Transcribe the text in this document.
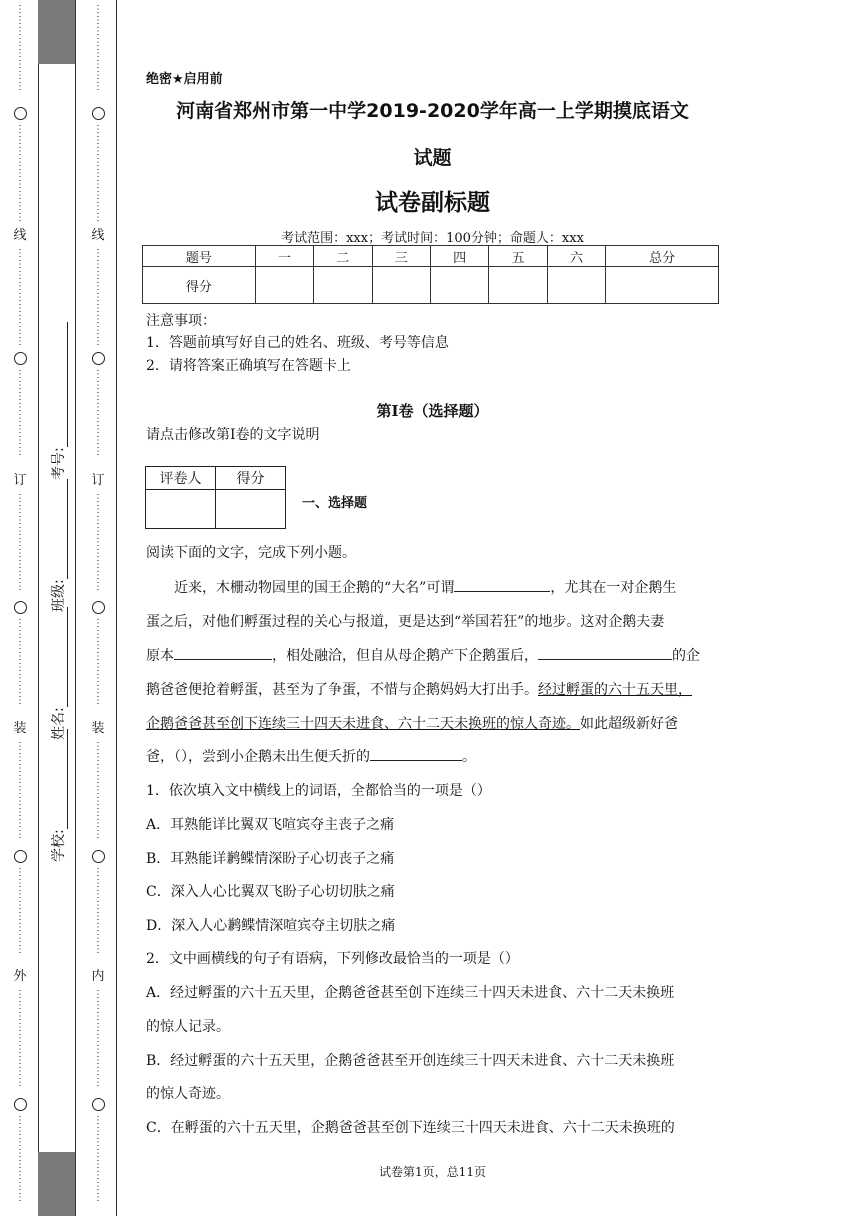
⋮
⋮
⋮
⋮
⋮
⋮
⋮
⋮
⋮
⋮
⋮
⋮
⋮
⋮
⋮
⋮
⋮
线
⋮
⋮
⋮
⋮
⋮
⋮
⋮
⋮
⋮
⋮
⋮
⋮
⋮
⋮
⋮
⋮
⋮
订
⋮
⋮
⋮
⋮
⋮
⋮
⋮
⋮
⋮
⋮
⋮
⋮
⋮
⋮
⋮
⋮
⋮
装
⋮
⋮
⋮
⋮
⋮
⋮
⋮
⋮
⋮
⋮
⋮
⋮
⋮
⋮
⋮
⋮
⋮
外
⋮
⋮
⋮
⋮
⋮
⋮
⋮
⋮
⋮
⋮
⋮
⋮
⋮
⋮
⋮
⋮
⋮
⋮
⋮
⋮
⋮
⋮
⋮
⋮
⋮
⋮
⋮
⋮
⋮
⋮
⋮
⋮
⋮
⋮
线
⋮
⋮
⋮
⋮
⋮
⋮
⋮
⋮
⋮
⋮
⋮
⋮
⋮
⋮
⋮
⋮
⋮
订
⋮
⋮
⋮
⋮
⋮
⋮
⋮
⋮
⋮
⋮
⋮
⋮
⋮
⋮
⋮
⋮
⋮
装
⋮
⋮
⋮
⋮
⋮
⋮
⋮
⋮
⋮
⋮
⋮
⋮
⋮
⋮
⋮
⋮
⋮
内
⋮
⋮
⋮
⋮
⋮
⋮
⋮
⋮
⋮
⋮
⋮
⋮
⋮
⋮
⋮
⋮
⋮
学校:
姓名:
班级:
考号:
绝密★启用前
河南省郑州市第一中学2019-2020学年高一上学期摸底语文
试题
试卷副标题
考试范围：xxx；考试时间：100分钟；命题人：xxx
题号	一	二	三	四	五	六	总分
得分							
注意事项：
1．答题前填写好自己的姓名、班级、考号等信息
2．请将答案正确填写在答题卡上
第Ⅰ卷（选择题）
请点击修改第I卷的文字说明
评卷人	得分

一、选择题
阅读下面的文字，完成下列小题。
近来，木栅动物园里的国王企鹅的“大名”可谓	，尤其在一对企鹅生
蛋之后，对他们孵蛋过程的关心与报道，更是达到“举国若狂”的地步。这对企鹅夫妻
原本	，相处融洽，但自从母企鹅产下企鹅蛋后，	的企
鹅爸爸便抢着孵蛋，甚至为了争蛋，不惜与企鹅妈妈大打出手。经过孵蛋的六十五天里，
企鹅爸爸甚至创下连续三十四天未进食、六十二天未换班的惊人奇迹。如此超级新好爸
爸，（），尝到小企鹅未出生便夭折的	。
1．依次填入文中横线上的词语，全都恰当的一项是（）
A．耳熟能详比翼双飞喧宾夺主丧子之痛
B．耳熟能详鹣鲽情深盼子心切丧子之痛
C．深入人心比翼双飞盼子心切切肤之痛
D．深入人心鹣鲽情深喧宾夺主切肤之痛
2．文中画横线的句子有语病，下列修改最恰当的一项是（）
A．经过孵蛋的六十五天里，企鹅爸爸甚至创下连续三十四天未进食、六十二天未换班
的惊人记录。
B．经过孵蛋的六十五天里，企鹅爸爸甚至开创连续三十四天未进食、六十二天未换班
的惊人奇迹。
C．在孵蛋的六十五天里，企鹅爸爸甚至创下连续三十四天未进食、六十二天未换班的
试卷第1页，总11页
